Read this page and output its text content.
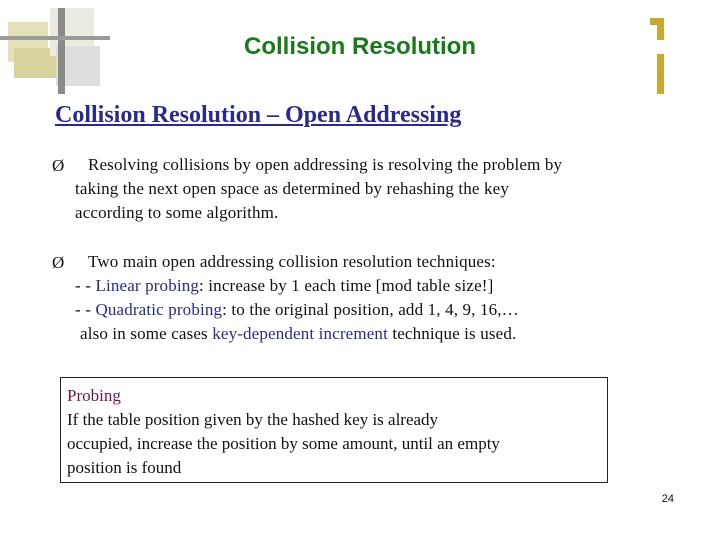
Collision Resolution
Collision Resolution – Open Addressing
Ø Resolving collisions by open addressing is resolving the problem by
taking the next open space as determined by rehashing the key
according to some algorithm.
Ø Two main open addressing collision resolution techniques:
- - Linear probing: increase by 1 each time [mod table size!]
- - Quadratic probing: to the original position, add 1, 4, 9, 16,…
also in some cases key-dependent increment technique is used.
Probing
If the table position given by the hashed key is already
occupied, increase the position by some amount, until an empty
position is found
24
